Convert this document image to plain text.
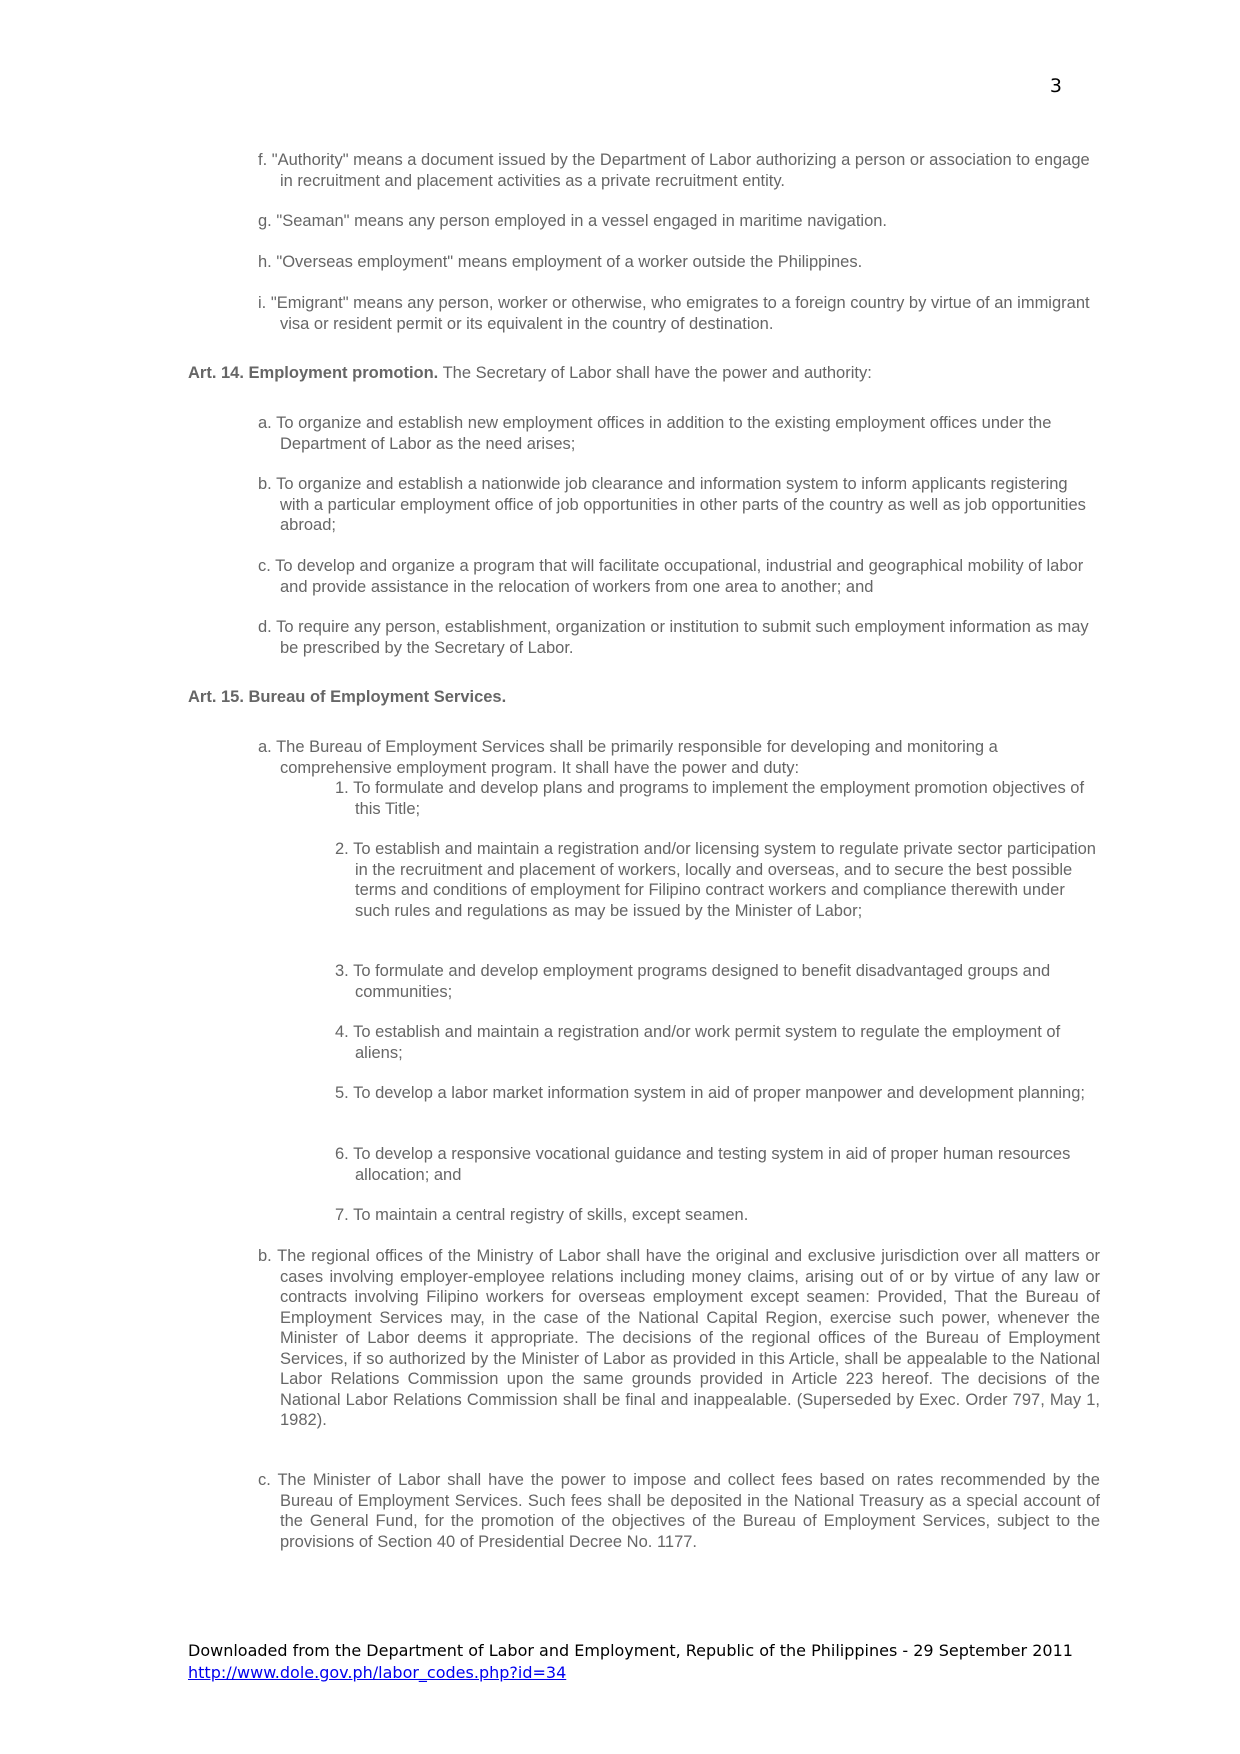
3
f. "Authority" means a document issued by the Department of Labor authorizing a person or association to engage in recruitment and placement activities as a private recruitment entity.
g. "Seaman" means any person employed in a vessel engaged in maritime navigation.
h. "Overseas employment" means employment of a worker outside the Philippines.
i. "Emigrant" means any person, worker or otherwise, who emigrates to a foreign country by virtue of an immigrant visa or resident permit or its equivalent in the country of destination.
Art. 14. Employment promotion. The Secretary of Labor shall have the power and authority:
a. To organize and establish new employment offices in addition to the existing employment offices under the Department of Labor as the need arises;
b. To organize and establish a nationwide job clearance and information system to inform applicants registering with a particular employment office of job opportunities in other parts of the country as well as job opportunities abroad;
c. To develop and organize a program that will facilitate occupational, industrial and geographical mobility of labor and provide assistance in the relocation of workers from one area to another; and
d. To require any person, establishment, organization or institution to submit such employment information as may be prescribed by the Secretary of Labor.
Art. 15. Bureau of Employment Services.
a. The Bureau of Employment Services shall be primarily responsible for developing and monitoring a comprehensive employment program. It shall have the power and duty:
1. To formulate and develop plans and programs to implement the employment promotion objectives of this Title;
2. To establish and maintain a registration and/or licensing system to regulate private sector participation in the recruitment and placement of workers, locally and overseas, and to secure the best possible terms and conditions of employment for Filipino contract workers and compliance therewith under such rules and regulations as may be issued by the Minister of Labor;
3. To formulate and develop employment programs designed to benefit disadvantaged groups and communities;
4. To establish and maintain a registration and/or work permit system to regulate the employment of aliens;
5. To develop a labor market information system in aid of proper manpower and development planning;
6. To develop a responsive vocational guidance and testing system in aid of proper human resources allocation; and
7. To maintain a central registry of skills, except seamen.
b. The regional offices of the Ministry of Labor shall have the original and exclusive jurisdiction over all matters or cases involving employer-employee relations including money claims, arising out of or by virtue of any law or contracts involving Filipino workers for overseas employment except seamen: Provided, That the Bureau of Employment Services may, in the case of the National Capital Region, exercise such power, whenever the Minister of Labor deems it appropriate. The decisions of the regional offices of the Bureau of Employment Services, if so authorized by the Minister of Labor as provided in this Article, shall be appealable to the National Labor Relations Commission upon the same grounds provided in Article 223 hereof. The decisions of the National Labor Relations Commission shall be final and inappealable. (Superseded by Exec. Order 797, May 1, 1982).
c. The Minister of Labor shall have the power to impose and collect fees based on rates recommended by the Bureau of Employment Services. Such fees shall be deposited in the National Treasury as a special account of the General Fund, for the promotion of the objectives of the Bureau of Employment Services, subject to the provisions of Section 40 of Presidential Decree No. 1177.
Downloaded from the Department of Labor and Employment, Republic of the Philippines - 29 September 2011
http://www.dole.gov.ph/labor_codes.php?id=34
